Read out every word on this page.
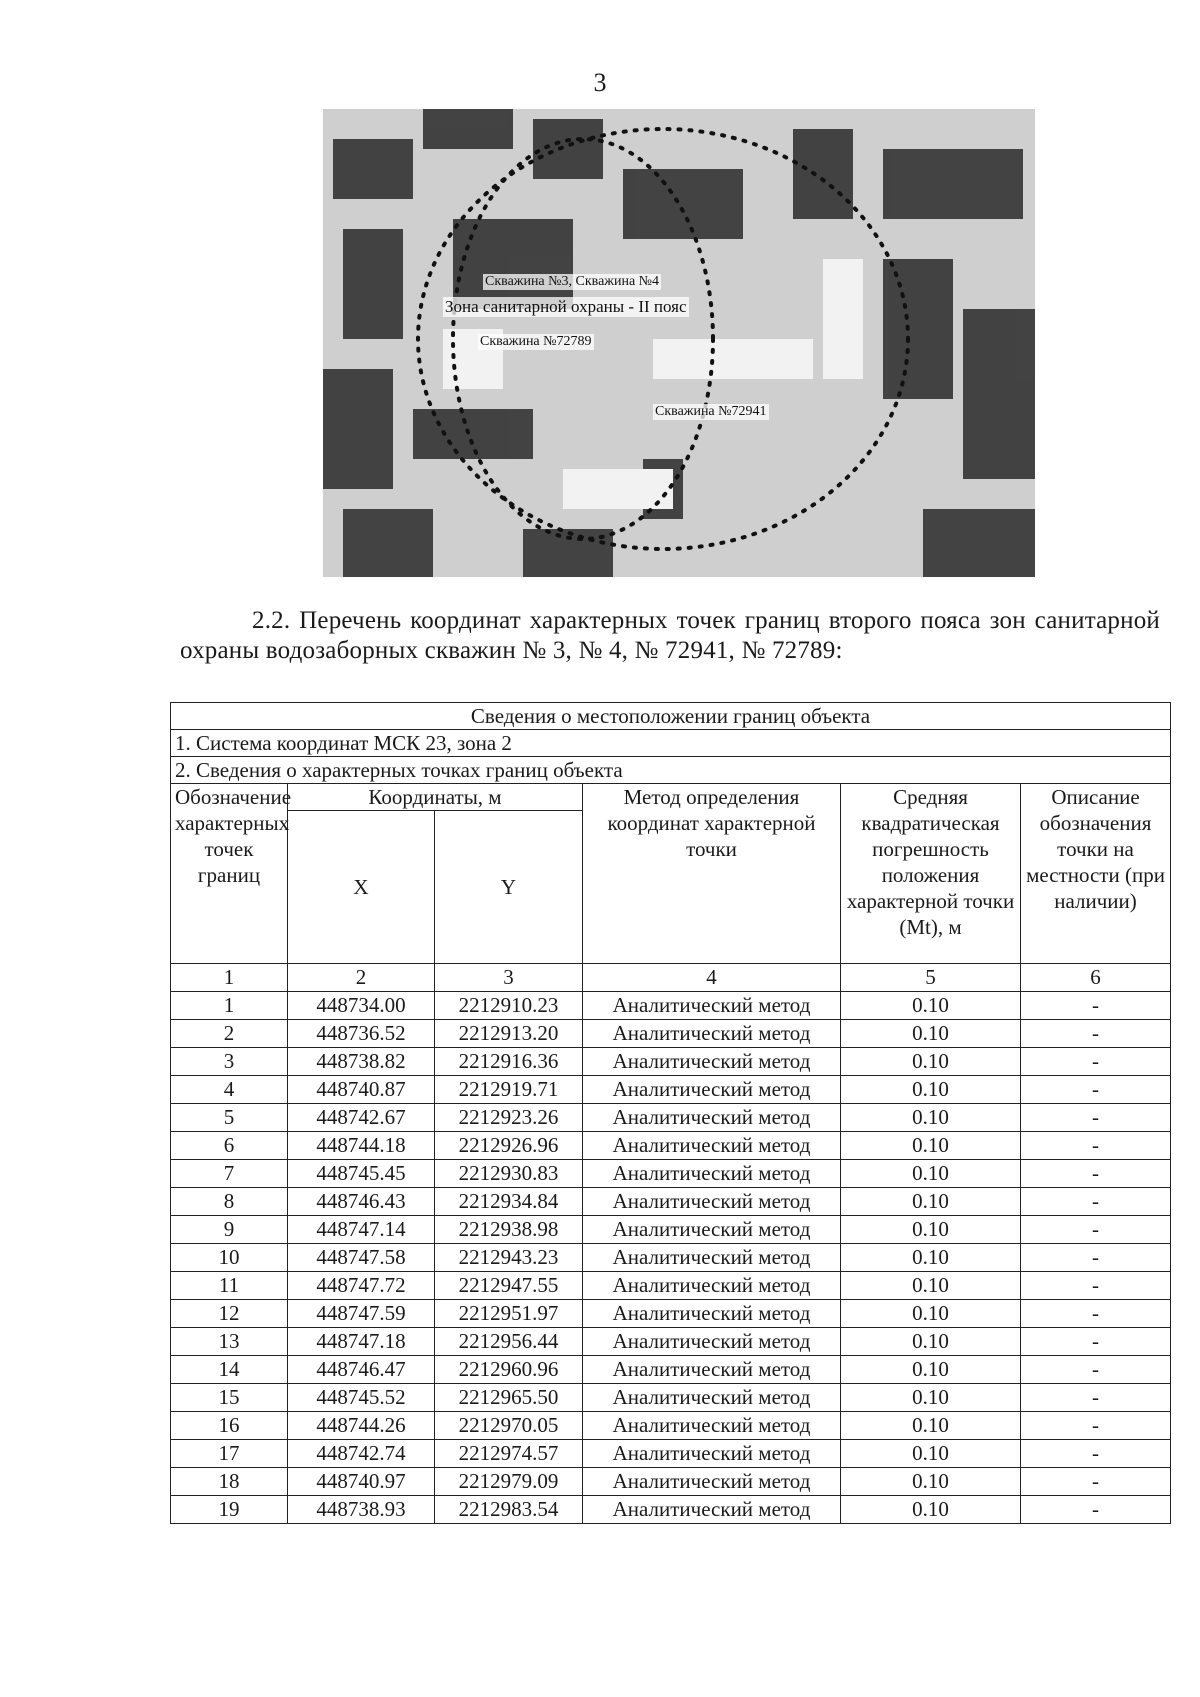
3
Скважина №3, Скважина №4
Зона санитарной охраны - II пояс
Скважина №72789
Скважина №72941
2.2. Перечень координат характерных точек границ второго пояса зон санитарной охраны водозаборных скважин № 3, № 4, № 72941, № 72789:
Сведения о местоположении границ объекта					
1. Система координат МСК 23, зона 2					
2. Сведения о характерных точках границ объекта					
Обозначение характерных точек границ	Координаты, м		Метод определения координат характерной точки	Средняя квадратическая погрешность положения характерной точки (Mt), м	Описание обозначения точки на местности (при наличии)
	X	Y			
1	2	3	4	5	6
1	448734.00	2212910.23	Аналитический метод	0.10	-
2	448736.52	2212913.20	Аналитический метод	0.10	-
3	448738.82	2212916.36	Аналитический метод	0.10	-
4	448740.87	2212919.71	Аналитический метод	0.10	-
5	448742.67	2212923.26	Аналитический метод	0.10	-
6	448744.18	2212926.96	Аналитический метод	0.10	-
7	448745.45	2212930.83	Аналитический метод	0.10	-
8	448746.43	2212934.84	Аналитический метод	0.10	-
9	448747.14	2212938.98	Аналитический метод	0.10	-
10	448747.58	2212943.23	Аналитический метод	0.10	-
11	448747.72	2212947.55	Аналитический метод	0.10	-
12	448747.59	2212951.97	Аналитический метод	0.10	-
13	448747.18	2212956.44	Аналитический метод	0.10	-
14	448746.47	2212960.96	Аналитический метод	0.10	-
15	448745.52	2212965.50	Аналитический метод	0.10	-
16	448744.26	2212970.05	Аналитический метод	0.10	-
17	448742.74	2212974.57	Аналитический метод	0.10	-
18	448740.97	2212979.09	Аналитический метод	0.10	-
19	448738.93	2212983.54	Аналитический метод	0.10	-
